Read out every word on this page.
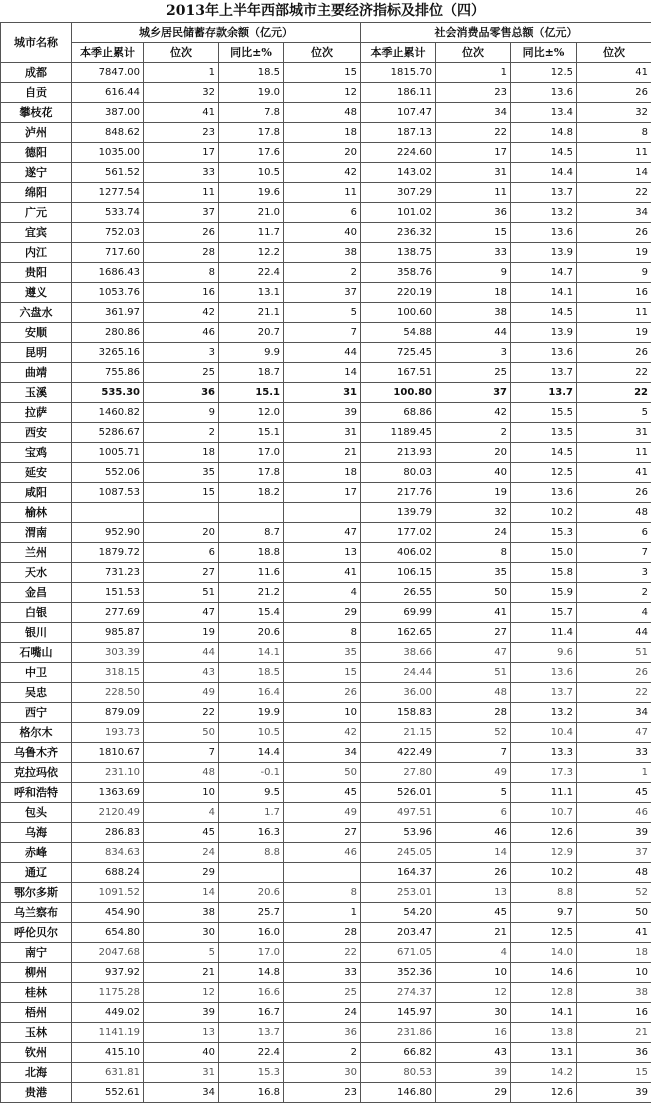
2013年上半年西部城市主要经济指标及排位（四）
城市名称	城乡居民储蓄存款余额（亿元）				社会消费品零售总额（亿元）			
	本季止累计	位次	同比±%	位次	本季止累计	位次	同比±%	位次
成都	7847.00	1	18.5	15	1815.70	1	12.5	41
自贡	616.44	32	19.0	12	186.11	23	13.6	26
攀枝花	387.00	41	7.8	48	107.47	34	13.4	32
泸州	848.62	23	17.8	18	187.13	22	14.8	8
德阳	1035.00	17	17.6	20	224.60	17	14.5	11
遂宁	561.52	33	10.5	42	143.02	31	14.4	14
绵阳	1277.54	11	19.6	11	307.29	11	13.7	22
广元	533.74	37	21.0	6	101.02	36	13.2	34
宜宾	752.03	26	11.7	40	236.32	15	13.6	26
内江	717.60	28	12.2	38	138.75	33	13.9	19
贵阳	1686.43	8	22.4	2	358.76	9	14.7	9
遵义	1053.76	16	13.1	37	220.19	18	14.1	16
六盘水	361.97	42	21.1	5	100.60	38	14.5	11
安顺	280.86	46	20.7	7	54.88	44	13.9	19
昆明	3265.16	3	9.9	44	725.45	3	13.6	26
曲靖	755.86	25	18.7	14	167.51	25	13.7	22
玉溪	535.30	36	15.1	31	100.80	37	13.7	22
拉萨	1460.82	9	12.0	39	68.86	42	15.5	5
西安	5286.67	2	15.1	31	1189.45	2	13.5	31
宝鸡	1005.71	18	17.0	21	213.93	20	14.5	11
延安	552.06	35	17.8	18	80.03	40	12.5	41
咸阳	1087.53	15	18.2	17	217.76	19	13.6	26
榆林					139.79	32	10.2	48
渭南	952.90	20	8.7	47	177.02	24	15.3	6
兰州	1879.72	6	18.8	13	406.02	8	15.0	7
天水	731.23	27	11.6	41	106.15	35	15.8	3
金昌	151.53	51	21.2	4	26.55	50	15.9	2
白银	277.69	47	15.4	29	69.99	41	15.7	4
银川	985.87	19	20.6	8	162.65	27	11.4	44
石嘴山	303.39	44	14.1	35	38.66	47	9.6	51
中卫	318.15	43	18.5	15	24.44	51	13.6	26
吴忠	228.50	49	16.4	26	36.00	48	13.7	22
西宁	879.09	22	19.9	10	158.83	28	13.2	34
格尔木	193.73	50	10.5	42	21.15	52	10.4	47
乌鲁木齐	1810.67	7	14.4	34	422.49	7	13.3	33
克拉玛依	231.10	48	-0.1	50	27.80	49	17.3	1
呼和浩特	1363.69	10	9.5	45	526.01	5	11.1	45
包头	2120.49	4	1.7	49	497.51	6	10.7	46
乌海	286.83	45	16.3	27	53.96	46	12.6	39
赤峰	834.63	24	8.8	46	245.05	14	12.9	37
通辽	688.24	29			164.37	26	10.2	48
鄂尔多斯	1091.52	14	20.6	8	253.01	13	8.8	52
乌兰察布	454.90	38	25.7	1	54.20	45	9.7	50
呼伦贝尔	654.80	30	16.0	28	203.47	21	12.5	41
南宁	2047.68	5	17.0	22	671.05	4	14.0	18
柳州	937.92	21	14.8	33	352.36	10	14.6	10
桂林	1175.28	12	16.6	25	274.37	12	12.8	38
梧州	449.02	39	16.7	24	145.97	30	14.1	16
玉林	1141.19	13	13.7	36	231.86	16	13.8	21
钦州	415.10	40	22.4	2	66.82	43	13.1	36
北海	631.81	31	15.3	30	80.53	39	14.2	15
贵港	552.61	34	16.8	23	146.80	29	12.6	39
